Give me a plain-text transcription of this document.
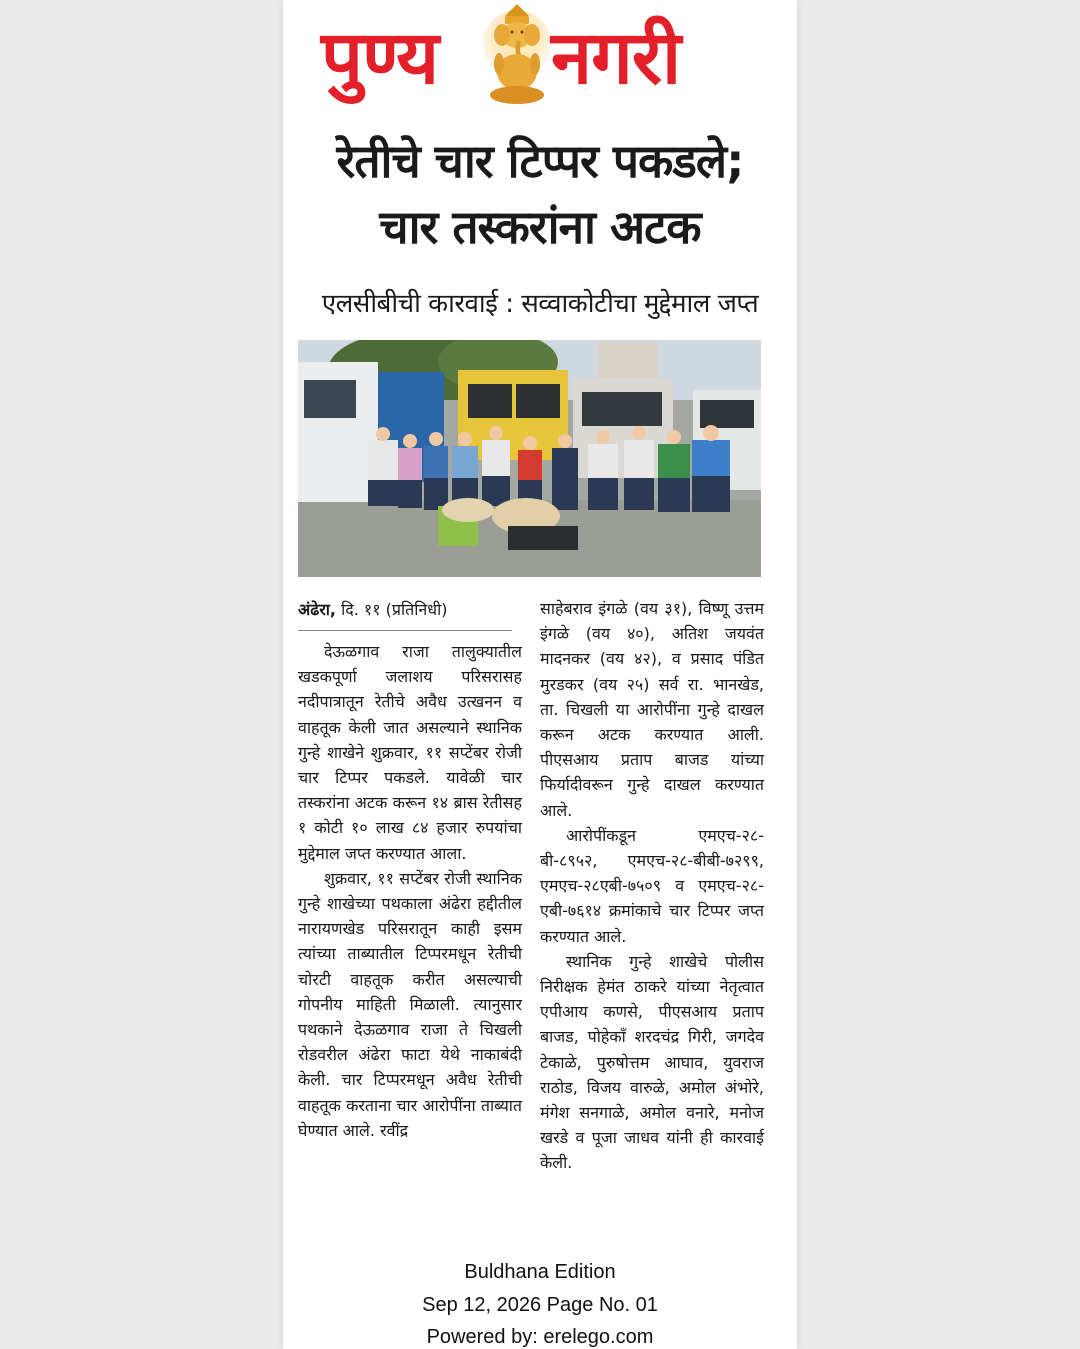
पुण्य नगरी
रेतीचे चार टिप्पर पकडले;
चार तस्करांना अटक
एलसीबीची कारवाई : सव्वाकोटीचा मुद्देमाल जप्त
अंढेरा, दि. ११ (प्रतिनिधी)

देऊळगाव राजा तालुक्यातील खडकपूर्णा जलाशय परिसरासह नदीपात्रातून रेतीचे अवैध उत्खनन व वाहतूक केली जात असल्याने स्थानिक गुन्हे शाखेने शुक्रवार, ११ सप्टेंबर रोजी चार टिप्पर पकडले. यावेळी चार तस्करांना अटक करून १४ ब्रास रेतीसह १ कोटी १० लाख ८४ हजार रुपयांचा मुद्देमाल जप्त करण्यात आला.

शुक्रवार, ११ सप्टेंबर रोजी स्थानिक गुन्हे शाखेच्या पथकाला अंढेरा हद्दीतील नारायणखेड परिसरातून काही इसम त्यांच्या ताब्यातील टिप्परमधून रेतीची चोरटी वाहतूक करीत असल्याची गोपनीय माहिती मिळाली. त्यानुसार पथकाने देऊळगाव राजा ते चिखली रोडवरील अंढेरा फाटा येथे नाकाबंदी केली. चार टिप्परमधून अवैध रेतीची वाहतूक करताना चार आरोपींना ताब्यात घेण्यात आले. रवींद्र

साहेबराव इंगळे (वय ३१), विष्णू उत्तम इंगळे (वय ४०), अतिश जयवंत मादनकर (वय ४२), व प्रसाद पंडित मुरडकर (वय २५) सर्व रा. भानखेड, ता. चिखली या आरोपींना गुन्हे दाखल करून अटक करण्यात आली. पीएसआय प्रताप बाजड यांच्या फिर्यादीवरून गुन्हे दाखल करण्यात आले.

आरोपींकडून एमएच-२८-बी-८९५२, एमएच-२८-बीबी-७२९९, एमएच-२८एबी-७५०९ व एमएच-२८-एबी-७६१४ क्रमांकाचे चार टिप्पर जप्त करण्यात आले.

स्थानिक गुन्हे शाखेचे पोलीस निरीक्षक हेमंत ठाकरे यांच्या नेतृत्वात एपीआय कणसे, पीएसआय प्रताप बाजड, पोहेकॉं शरदचंद्र गिरी, जगदेव टेकाळे, पुरुषोत्तम आघाव, युवराज राठोड, विजय वारुळे, अमोल अंभोरे, मंगेश सनगाळे, अमोल वनारे, मनोज खरडे व पूजा जाधव यांनी ही कारवाई केली.

Buldhana Edition
Sep 12, 2026 Page No. 01
Powered by: erelego.com
